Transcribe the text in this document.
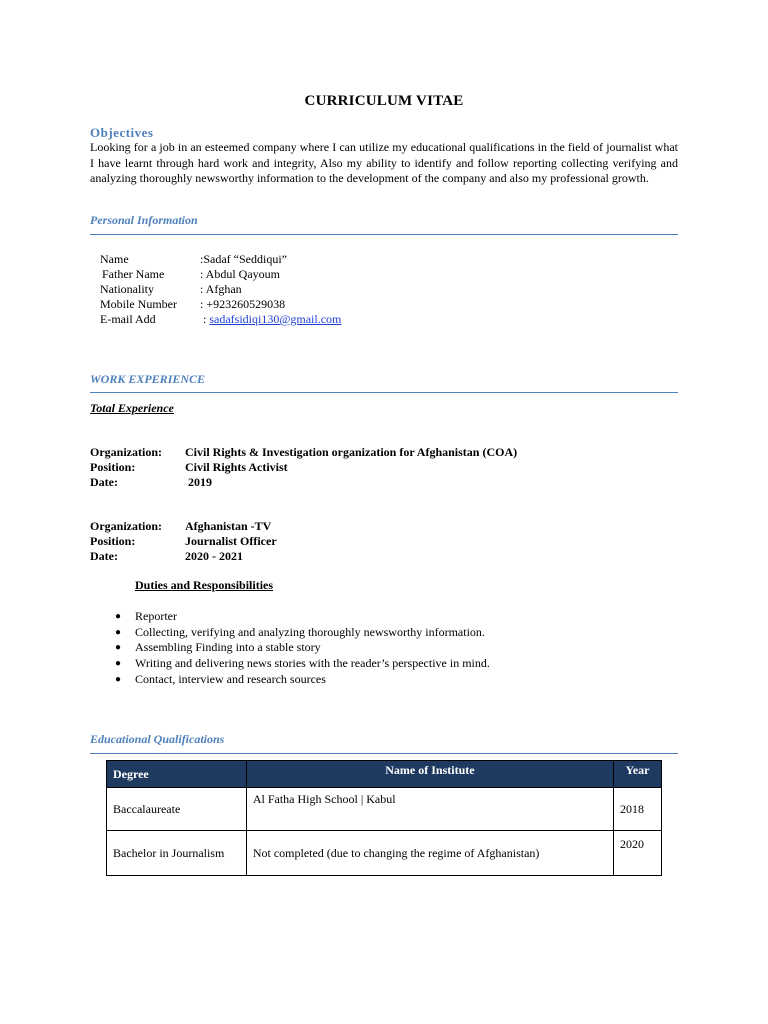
CURRICULUM VITAE
Objectives
Looking for a job in an esteemed company where I can utilize my educational qualifications in the field of journalist what I have learnt through hard work and integrity, Also my ability to identify and follow reporting collecting verifying and analyzing thoroughly newsworthy information to the development of the company and also my professional growth.
Personal Information
Name	:Sadaf “Seddiqui”
Father Name	: Abdul Qayoum
Nationality	: Afghan
Mobile Number : +923260529038
E-mail Add	: sadafsidiqi130@gmail.com
WORK EXPERIENCE
Total Experience
Organization: Civil Rights & Investigation organization for Afghanistan (COA)
Position:	Civil Rights Activist
Date:	2019
Organization: Afghanistan -TV
Position:	Journalist Officer
Date:	2020 - 2021
Duties and Responsibilities
● Reporter
● Collecting, verifying and analyzing thoroughly newsworthy information.
● Assembling Finding into a stable story
● Writing and delivering news stories with the reader’s perspective in mind.
● Contact, interview and research sources
Educational Qualifications
Degree	Name of Institute	Year
Baccalaureate	Al Fatha High School | Kabul	2018
Bachelor in Journalism	Not completed (due to changing the regime of Afghanistan)	2020
